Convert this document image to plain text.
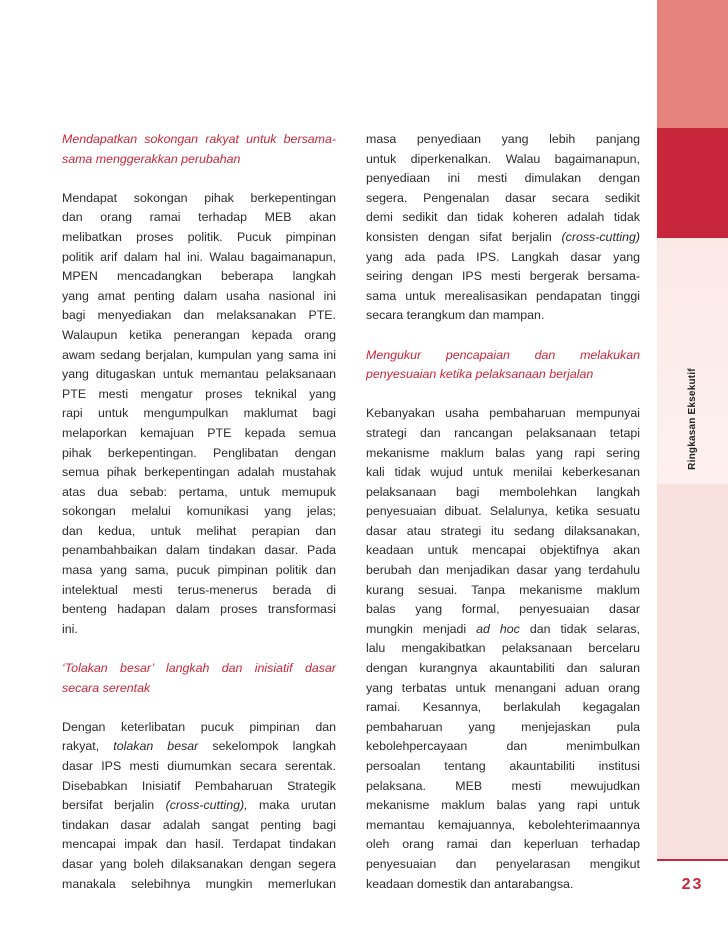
Ringkasan Eksekutif
23

Mendapatkan sokongan rakyat untuk bersama-
sama menggerakkan perubahan

Mendapat sokongan pihak berkepentingan
dan orang ramai terhadap MEB akan
melibatkan proses politik. Pucuk pimpinan
politik arif dalam hal ini. Walau bagaimanapun,
MPEN mencadangkan beberapa langkah
yang amat penting dalam usaha nasional ini
bagi menyediakan dan melaksanakan PTE.
Walaupun ketika penerangan kepada orang
awam sedang berjalan, kumpulan yang sama ini
yang ditugaskan untuk memantau pelaksanaan
PTE mesti mengatur proses teknikal yang
rapi untuk mengumpulkan maklumat bagi
melaporkan kemajuan PTE kepada semua
pihak berkepentingan. Penglibatan dengan
semua pihak berkepentingan adalah mustahak
atas dua sebab: pertama, untuk memupuk
sokongan melalui komunikasi yang jelas;
dan kedua, untuk melihat perapian dan
penambahbaikan dalam tindakan dasar. Pada
masa yang sama, pucuk pimpinan politik dan
intelektual mesti terus-menerus berada di
benteng hadapan dalam proses transformasi
ini.

‘Tolakan besar’ langkah dan inisiatif dasar
secara serentak

Dengan keterlibatan pucuk pimpinan dan
rakyat, tolakan besar sekelompok langkah
dasar IPS mesti diumumkan secara serentak.
Disebabkan Inisiatif Pembaharuan Strategik
bersifat berjalin (cross-cutting), maka urutan
tindakan dasar adalah sangat penting bagi
mencapai impak dan hasil. Terdapat tindakan
dasar yang boleh dilaksanakan dengan segera
manakala selebihnya mungkin memerlukan

masa penyediaan yang lebih panjang
untuk diperkenalkan. Walau bagaimanapun,
penyediaan ini mesti dimulakan dengan
segera. Pengenalan dasar secara sedikit
demi sedikit dan tidak koheren adalah tidak
konsisten dengan sifat berjalin (cross-cutting)
yang ada pada IPS. Langkah dasar yang
seiring dengan IPS mesti bergerak bersama-
sama untuk merealisasikan pendapatan tinggi
secara terangkum dan mampan.

Mengukur pencapaian dan melakukan
penyesuaian ketika pelaksanaan berjalan

Kebanyakan usaha pembaharuan mempunyai
strategi dan rancangan pelaksanaan tetapi
mekanisme maklum balas yang rapi sering
kali tidak wujud untuk menilai keberkesanan
pelaksanaan bagi membolehkan langkah
penyesuaian dibuat. Selalunya, ketika sesuatu
dasar atau strategi itu sedang dilaksanakan,
keadaan untuk mencapai objektifnya akan
berubah dan menjadikan dasar yang terdahulu
kurang sesuai. Tanpa mekanisme maklum
balas yang formal, penyesuaian dasar
mungkin menjadi ad hoc dan tidak selaras,
lalu mengakibatkan pelaksanaan bercelaru
dengan kurangnya akauntabiliti dan saluran
yang terbatas untuk menangani aduan orang
ramai. Kesannya, berlakulah kegagalan
pembaharuan yang menjejaskan pula
kebolehpercayaan dan menimbulkan
persoalan tentang akauntabiliti institusi
pelaksana. MEB mesti mewujudkan
mekanisme maklum balas yang rapi untuk
memantau kemajuannya, kebolehterimaannya
oleh orang ramai dan keperluan terhadap
penyesuaian dan penyelarasan mengikut
keadaan domestik dan antarabangsa.
